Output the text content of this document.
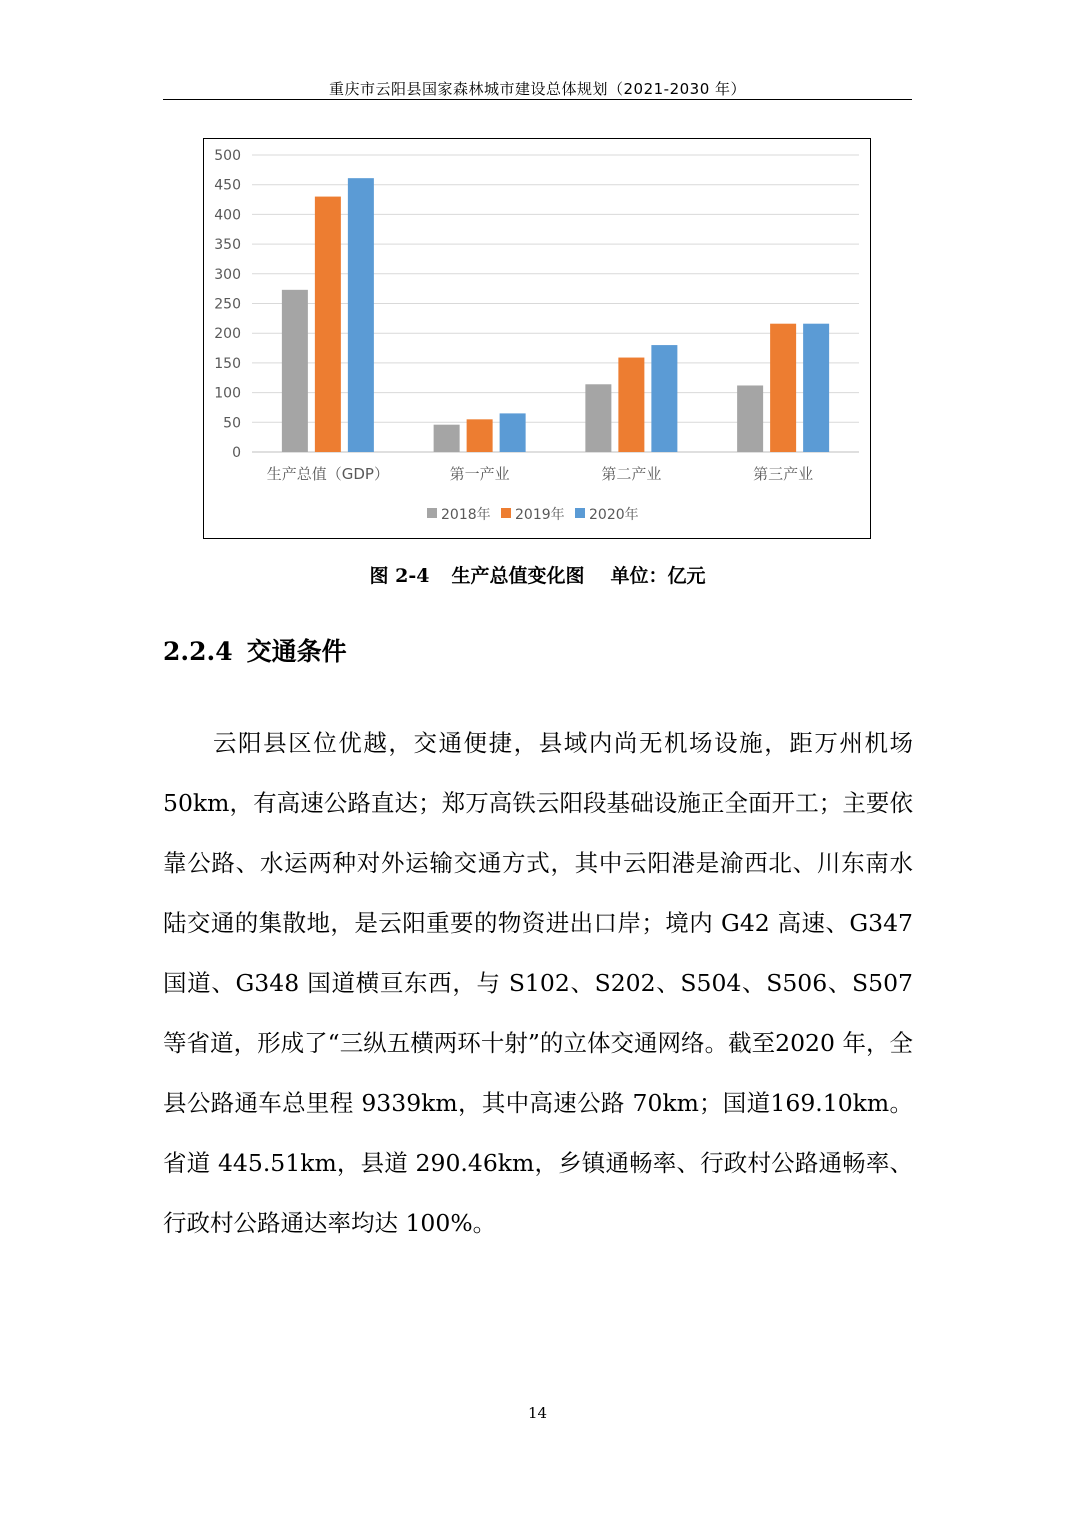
重庆市云阳县国家森林城市建设总体规划（2021-2030 年）
0
50
100
150
200
250
300
350
400
450
500
生产总值（GDP）	第一产业	第二产业	第三产业
2018年 2019年 2020年
图 2-4 生产总值变化图 单位：亿元
2.2.4 交通条件
云阳县区位优越，交通便捷，县域内尚无机场设施，距万州机场50km，有高速公路直达；郑万高铁云阳段基础设施正全面开工；主要依靠公路、水运两种对外运输交通方式，其中云阳港是渝西北、川东南水陆交通的集散地，是云阳重要的物资进出口岸；境内 G42 高速、G347 国道、G348 国道横亘东西，与 S102、S202、S504、S506、S507 等省道，形成了“三纵五横两环十射”的立体交通网络。截至2020 年，全县公路通车总里程 9339km，其中高速公路 70km；国道169.10km。省道 445.51km，县道 290.46km，乡镇通畅率、行政村公路通畅率、行政村公路通达率均达 100%。
14
